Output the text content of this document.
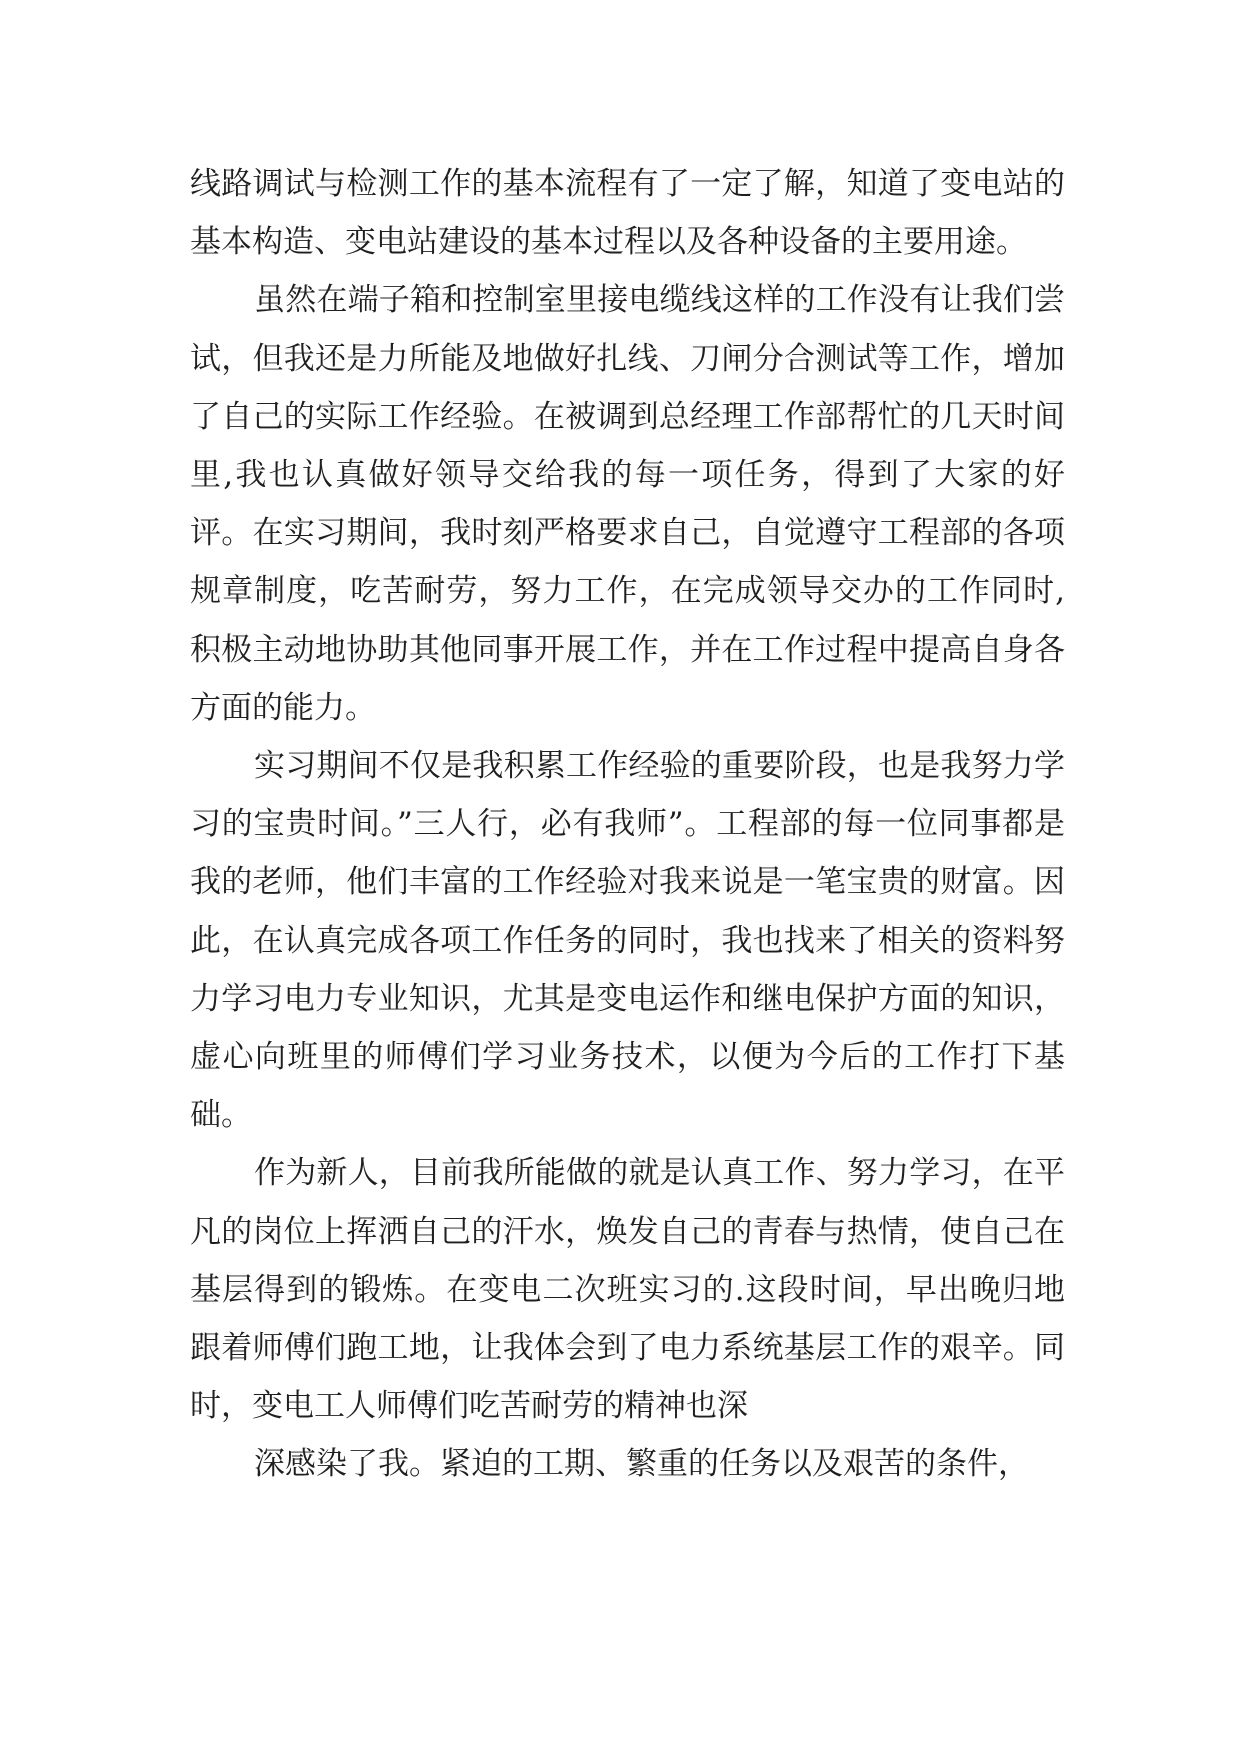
线路调试与检测工作的基本流程有了一定了解，知道了变电站的基本构造、变电站建设的基本过程以及各种设备的主要用途。

虽然在端子箱和控制室里接电缆线这样的工作没有让我们尝试，但我还是力所能及地做好扎线、刀闸分合测试等工作，增加了自己的实际工作经验。在被调到总经理工作部帮忙的几天时间里,我也认真做好领导交给我的每一项任务，得到了大家的好评。在实习期间，我时刻严格要求自己，自觉遵守工程部的各项规章制度，吃苦耐劳，努力工作，在完成领导交办的工作同时,积极主动地协助其他同事开展工作，并在工作过程中提高自身各方面的能力。

实习期间不仅是我积累工作经验的重要阶段，也是我努力学习的宝贵时间。”三人行，必有我师”。工程部的每一位同事都是我的老师，他们丰富的工作经验对我来说是一笔宝贵的财富。因此，在认真完成各项工作任务的同时，我也找来了相关的资料努力学习电力专业知识，尤其是变电运作和继电保护方面的知识，虚心向班里的师傅们学习业务技术，以便为今后的工作打下基础。

作为新人，目前我所能做的就是认真工作、努力学习，在平凡的岗位上挥洒自己的汗水，焕发自己的青春与热情，使自己在基层得到的锻炼。在变电二次班实习的.这段时间，早出晚归地跟着师傅们跑工地，让我体会到了电力系统基层工作的艰辛。同时，变电工人师傅们吃苦耐劳的精神也深

深感染了我。紧迫的工期、繁重的任务以及艰苦的条件，
